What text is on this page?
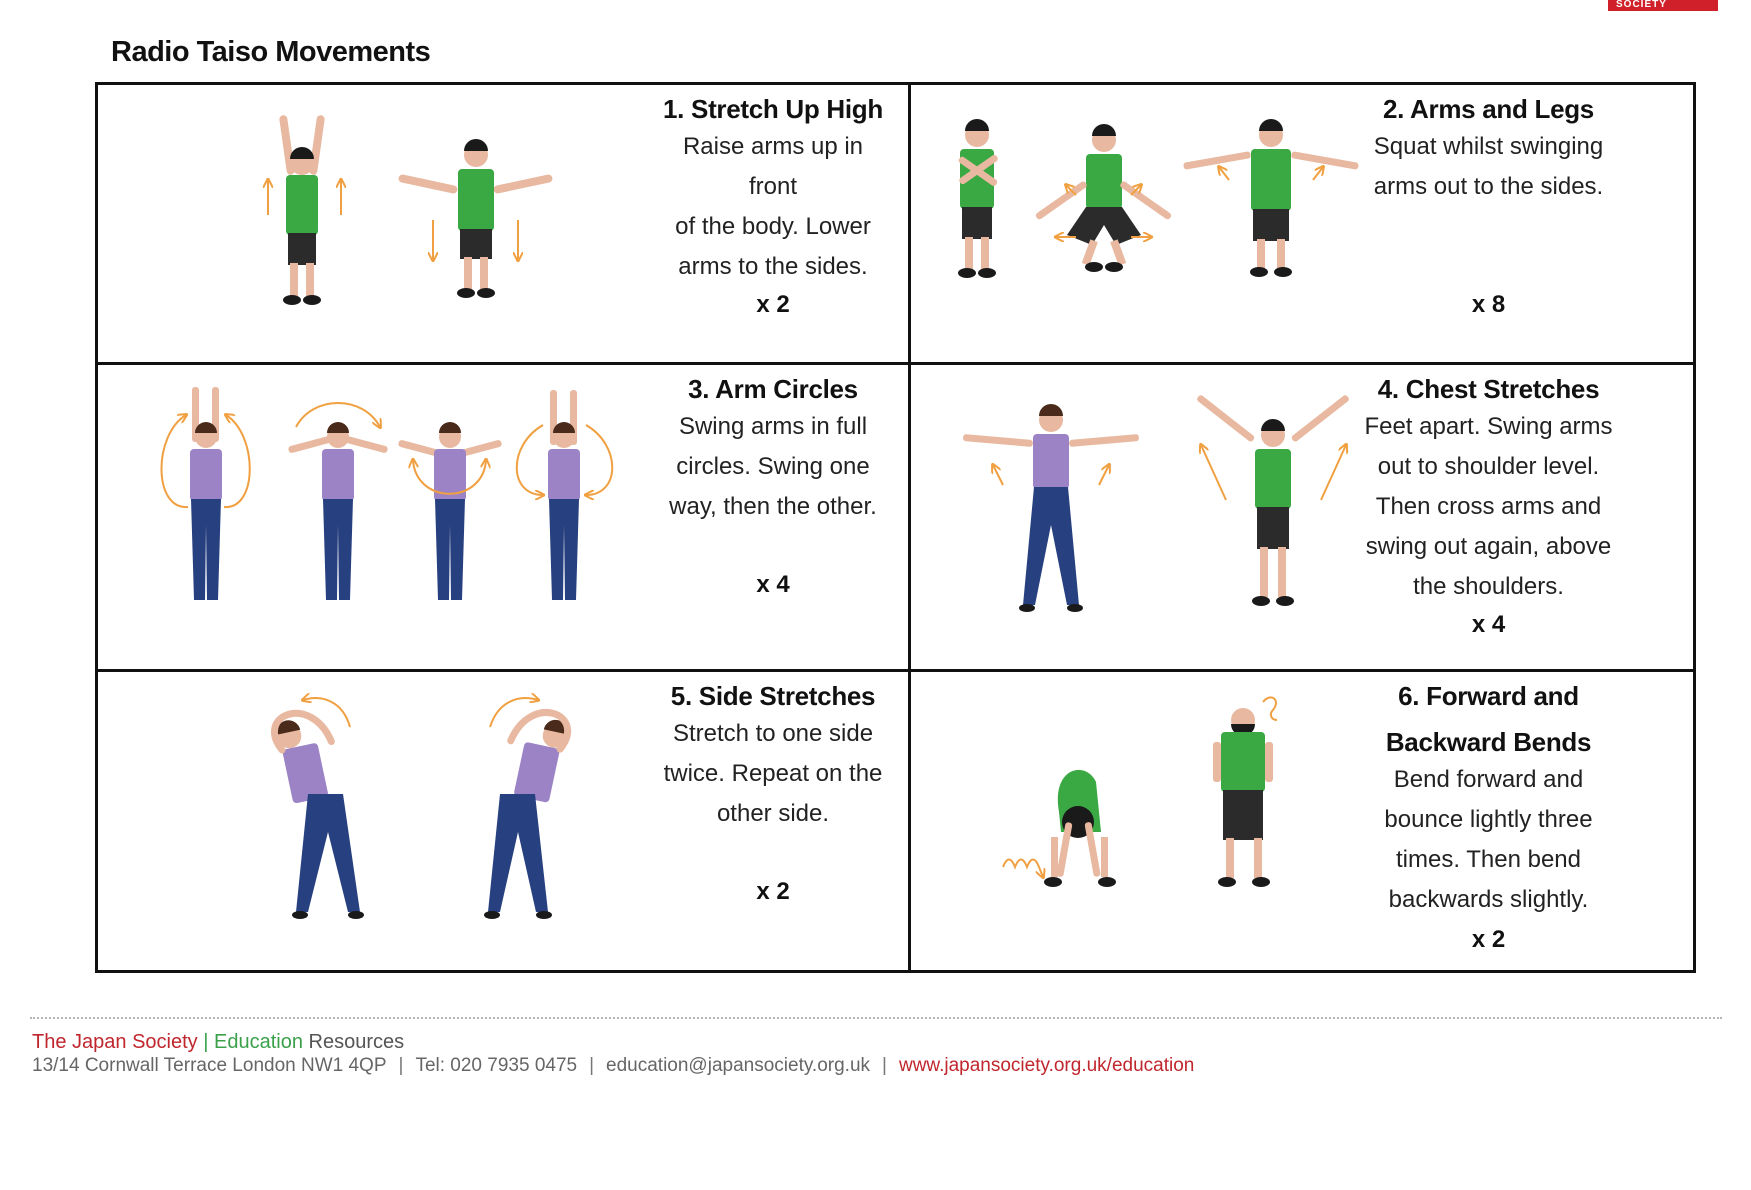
SOCIETY
Radio Taiso Movements
1. Stretch Up High
Raise arms up in front
of the body. Lower
arms to the sides.
x 2
2. Arms and Legs
Squat whilst swinging
arms out to the sides.
x 8
3. Arm Circles
Swing arms in full
circles. Swing one
way, then the other.
x 4
4. Chest Stretches
Feet apart. Swing arms
out to shoulder level.
Then cross arms and
swing out again, above
the shoulders.
x 4
5. Side Stretches
Stretch to one side
twice. Repeat on the
other side.
x 2
6. Forward and
Backward Bends
Bend forward and
bounce lightly three
times. Then bend
backwards slightly.
x 2
The Japan Society | Education Resources
13/14 Cornwall Terrace London NW1 4QP | Tel: 020 7935 0475 | education@japansociety.org.uk | www.japansociety.org.uk/education
